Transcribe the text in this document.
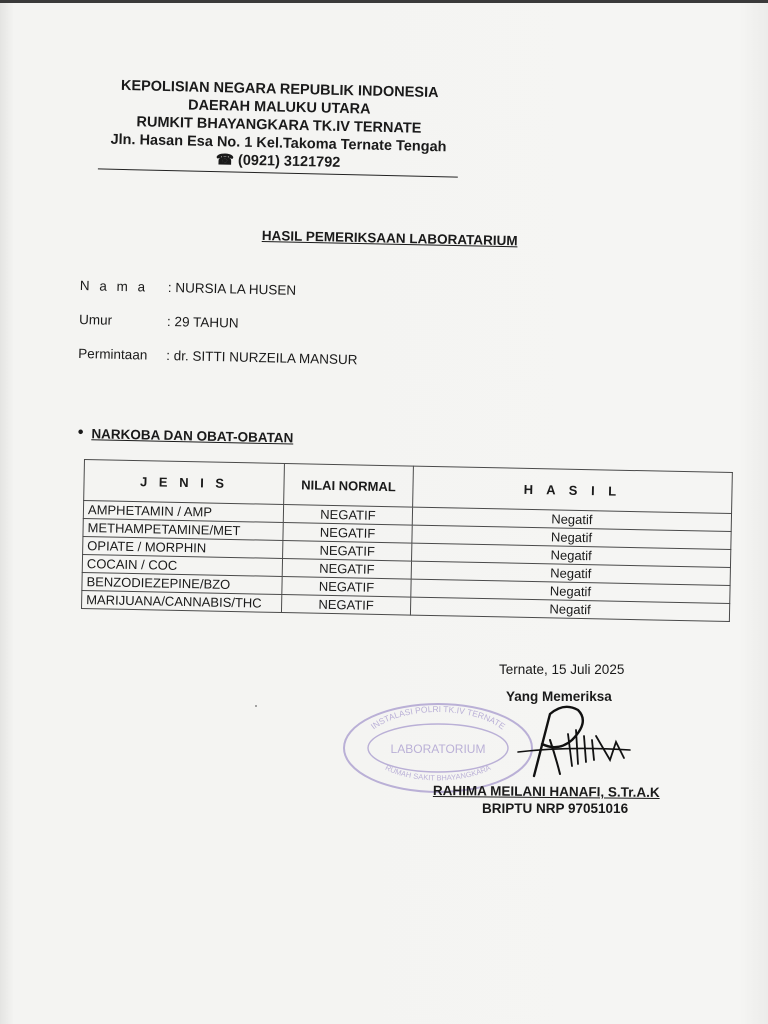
KEPOLISIAN NEGARA REPUBLIK INDONESIA
DAERAH MALUKU UTARA
RUMKIT BHAYANGKARA TK.IV TERNATE
Jln. Hasan Esa No. 1 Kel.Takoma Ternate Tengah
☎ (0921) 3121792
HASIL PEMERIKSAAN LABORATARIUM
N a m a	: NURSIA LA HUSEN
Umur	: 29 TAHUN
Permintaan	: dr. SITTI NURZEILA MANSUR
• NARKOBA DAN OBAT-OBATAN
J E N I S	NILAI NORMAL	H A S I L
AMPHETAMIN / AMP	NEGATIF	Negatif
METHAMPETAMINE/MET	NEGATIF	Negatif
OPIATE / MORPHIN	NEGATIF	Negatif
COCAIN / COC	NEGATIF	Negatif
BENZODIEZEPINE/BZO	NEGATIF	Negatif
MARIJUANA/CANNABIS/THC	NEGATIF	Negatif
Ternate, 15 Juli 2025
Yang Memeriksa
INSTALASI POLRI TK.IV TERNATE
LABORATORIUM
RUMAH SAKIT BHAYANGKARA
RAHIMA MEILANI HANAFI, S.Tr.A.K
BRIPTU NRP 97051016
